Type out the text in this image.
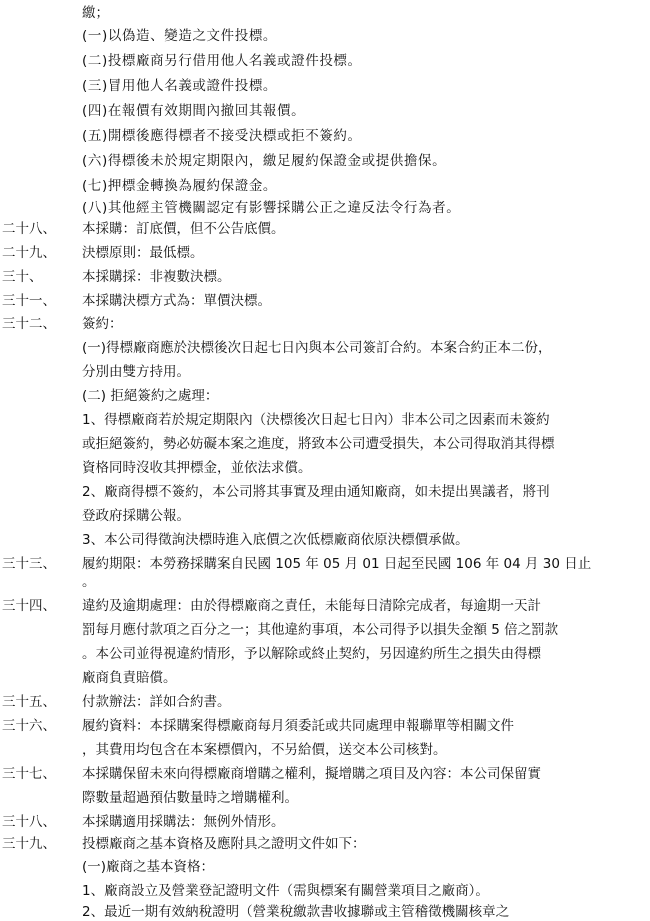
繳；
(一)以偽造、變造之文件投標。
(二)投標廠商另行借用他人名義或證件投標。
(三)冒用他人名義或證件投標。
(四)在報價有效期間內撤回其報價。
(五)開標後應得標者不接受決標或拒不簽約。
(六)得標後未於規定期限內，繳足履約保證金或提供擔保。
(七)押標金轉換為履約保證金。
(八)其他經主管機關認定有影響採購公正之違反法令行為者。
二十八、 本採購：訂底價，但不公告底價。
二十九、 決標原則：最低標。
三十、	本採購採：非複數決標。
三十一、 本採購決標方式為：單價決標。
三十二、 簽約：
(一)得標廠商應於決標後次日起七日內與本公司簽訂合約。本案合約正本二份，
分別由雙方持用。
(二) 拒絕簽約之處理：
1、得標廠商若於規定期限內（決標後次日起七日內）非本公司之因素而未簽約
或拒絕簽約，勢必妨礙本案之進度，將致本公司遭受損失，本公司得取消其得標
資格同時沒收其押標金，並依法求償。
2、廠商得標不簽約，本公司將其事實及理由通知廠商，如未提出異議者，將刊
登政府採購公報。
3、本公司得徵詢決標時進入底價之次低標廠商依原決標價承做。
三十三、 履約期限：本勞務採購案自民國 105 年 05 月 01 日起至民國 106 年 04 月 30 日止
。
三十四、 違約及逾期處理：由於得標廠商之責任，未能每日清除完成者，每逾期一天計
罰每月應付款項之百分之一；其他違約事項，本公司得予以損失金額 5 倍之罰款
。本公司並得視違約情形，予以解除或終止契約，另因違約所生之損失由得標
廠商負責賠償。
三十五、 付款辦法：詳如合約書。
三十六、 履約資料：本採購案得標廠商每月須委託或共同處理申報聯單等相關文件
，其費用均包含在本案標價內，不另給價，送交本公司核對。
三十七、 本採購保留未來向得標廠商增購之權利，擬增購之項目及內容：本公司保留實
際數量超過預估數量時之增購權利。
三十八、 本採購適用採購法：無例外情形。
三十九、 投標廠商之基本資格及應附具之證明文件如下：
(一)廠商之基本資格：
1、廠商設立及營業登記證明文件（需與標案有關營業項目之廠商）。
2、最近一期有效納稅證明（營業稅繳款書收據聯或主管稽徵機關核章之
